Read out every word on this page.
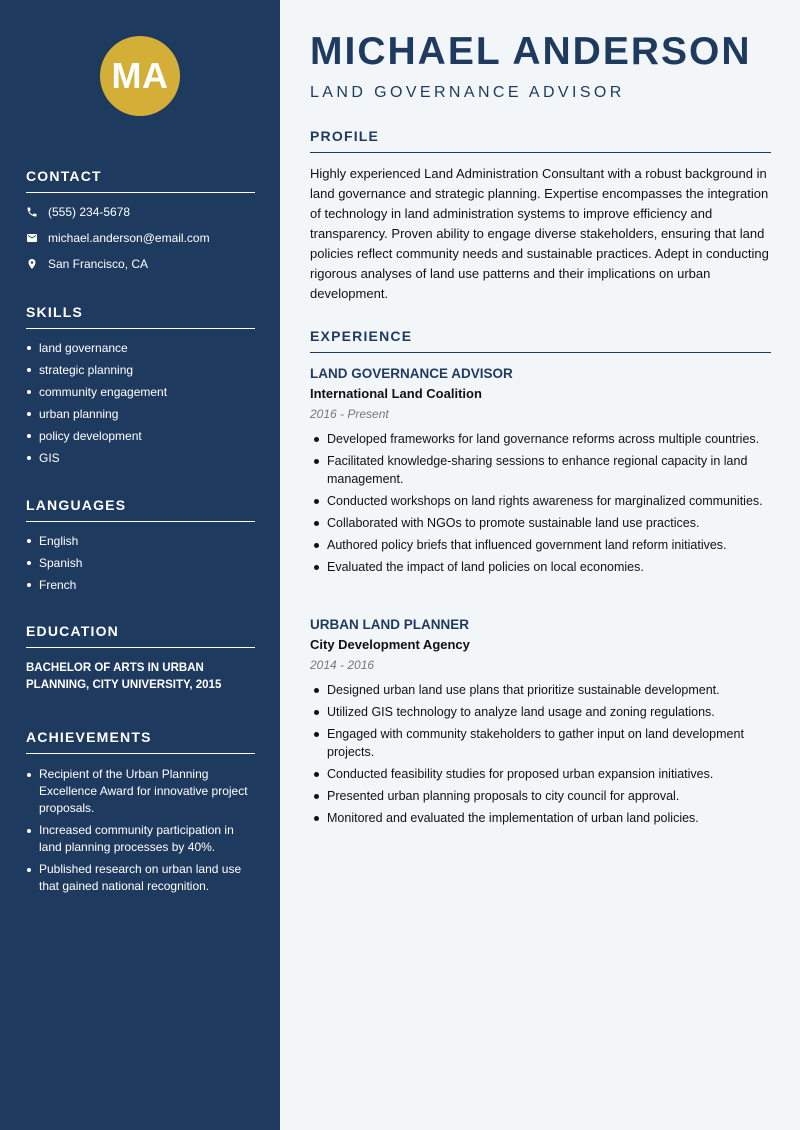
MA
CONTACT
(555) 234-5678
michael.anderson@email.com
San Francisco, CA
SKILLS
land governance
strategic planning
community engagement
urban planning
policy development
GIS
LANGUAGES
English
Spanish
French
EDUCATION
BACHELOR OF ARTS IN URBAN PLANNING, CITY UNIVERSITY, 2015
ACHIEVEMENTS
Recipient of the Urban Planning Excellence Award for innovative project proposals.
Increased community participation in land planning processes by 40%.
Published research on urban land use that gained national recognition.
MICHAEL ANDERSON
LAND GOVERNANCE ADVISOR
PROFILE

Highly experienced Land Administration Consultant with a robust background in land governance and strategic planning. Expertise encompasses the integration of technology in land administration systems to improve efficiency and transparency. Proven ability to engage diverse stakeholders, ensuring that land policies reflect community needs and sustainable practices. Adept in conducting rigorous analyses of land use patterns and their implications on urban development.

EXPERIENCE
LAND GOVERNANCE ADVISOR
International Land Coalition
2016 - Present
Developed frameworks for land governance reforms across multiple countries.
Facilitated knowledge-sharing sessions to enhance regional capacity in land management.
Conducted workshops on land rights awareness for marginalized communities.
Collaborated with NGOs to promote sustainable land use practices.
Authored policy briefs that influenced government land reform initiatives.
Evaluated the impact of land policies on local economies.
URBAN LAND PLANNER
City Development Agency
2014 - 2016
Designed urban land use plans that prioritize sustainable development.
Utilized GIS technology to analyze land usage and zoning regulations.
Engaged with community stakeholders to gather input on land development projects.
Conducted feasibility studies for proposed urban expansion initiatives.
Presented urban planning proposals to city council for approval.
Monitored and evaluated the implementation of urban land policies.
